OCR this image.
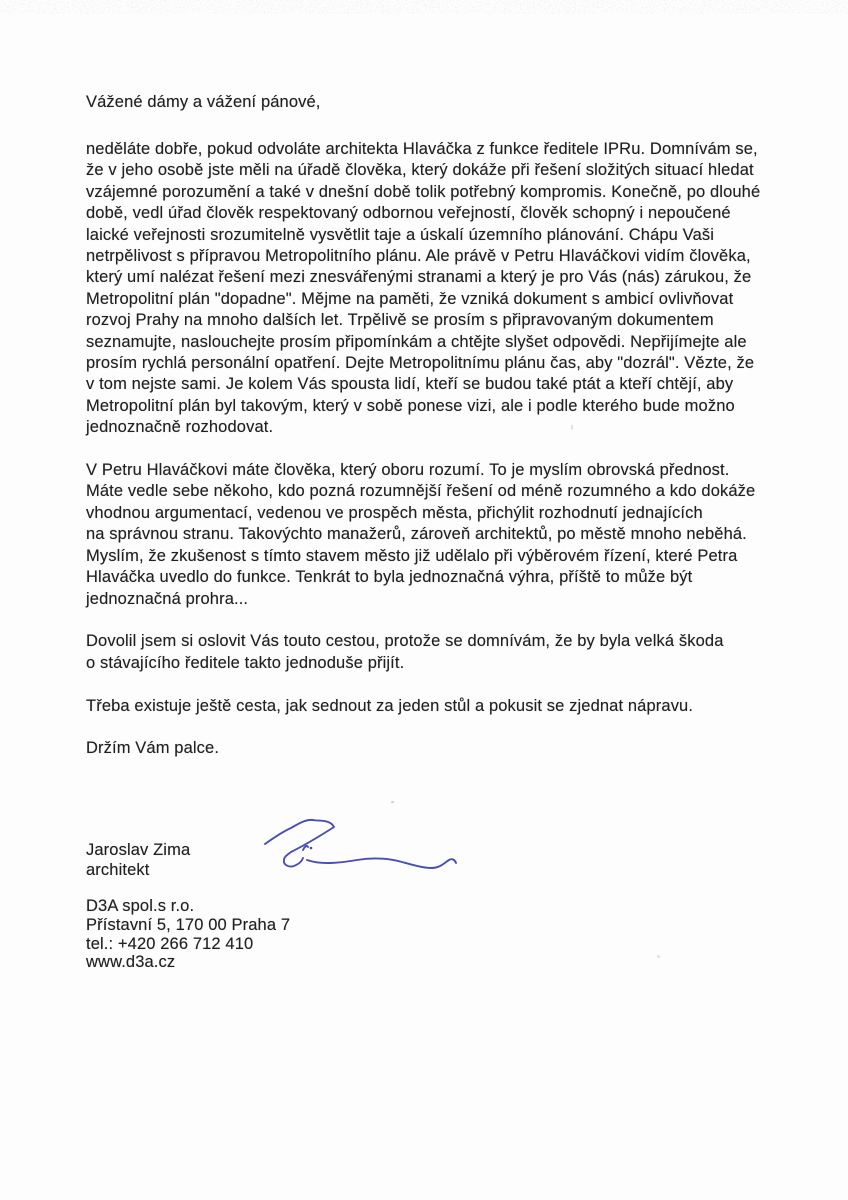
Vážené dámy a vážení pánové,

neděláte dobře, pokud odvoláte architekta Hlaváčka z funkce ředitele IPRu. Domnívám se,
že v jeho osobě jste měli na úřadě člověka, který dokáže při řešení složitých situací hledat
vzájemné porozumění a také v dnešní době tolik potřebný kompromis. Konečně, po dlouhé
době, vedl úřad člověk respektovaný odbornou veřejností, člověk schopný i nepoučené
laické veřejnosti srozumitelně vysvětlit taje a úskalí územního plánování. Chápu Vaši
netrpělivost s přípravou Metropolitního plánu. Ale právě v Petru Hlaváčkovi vidím člověka,
který umí nalézat řešení mezi znesvářenými stranami a který je pro Vás (nás) zárukou, že
Metropolitní plán "dopadne". Mějme na paměti, že vzniká dokument s ambicí ovlivňovat
rozvoj Prahy na mnoho dalších let. Trpělivě se prosím s připravovaným dokumentem
seznamujte, naslouchejte prosím připomínkám a chtějte slyšet odpovědi. Nepřijímejte ale
prosím rychlá personální opatření. Dejte Metropolitnímu plánu čas, aby "dozrál". Vězte, že
v tom nejste sami. Je kolem Vás spousta lidí, kteří se budou také ptát a kteří chtějí, aby
Metropolitní plán byl takovým, který v sobě ponese vizi, ale i podle kterého bude možno
jednoznačně rozhodovat.

V Petru Hlaváčkovi máte člověka, který oboru rozumí. To je myslím obrovská přednost.
Máte vedle sebe někoho, kdo pozná rozumnější řešení od méně rozumného a kdo dokáže
vhodnou argumentací, vedenou ve prospěch města, přichýlit rozhodnutí jednajících
na správnou stranu. Takovýchto manažerů, zároveň architektů, po městě mnoho neběhá.
Myslím, že zkušenost s tímto stavem město již udělalo při výběrovém řízení, které Petra
Hlaváčka uvedlo do funkce. Tenkrát to byla jednoznačná výhra, příště to může být
jednoznačná prohra...

Dovolil jsem si oslovit Vás touto cestou, protože se domnívám, že by byla velká škoda
o stávajícího ředitele takto jednoduše přijít.

Třeba existuje ještě cesta, jak sednout za jeden stůl a pokusit se zjednat nápravu.

Držím Vám palce.

Jaroslav Zima
architekt
D3A spol.s r.o.
Přístavní 5, 170 00 Praha 7
tel.: +420 266 712 410
www.d3a.cz
